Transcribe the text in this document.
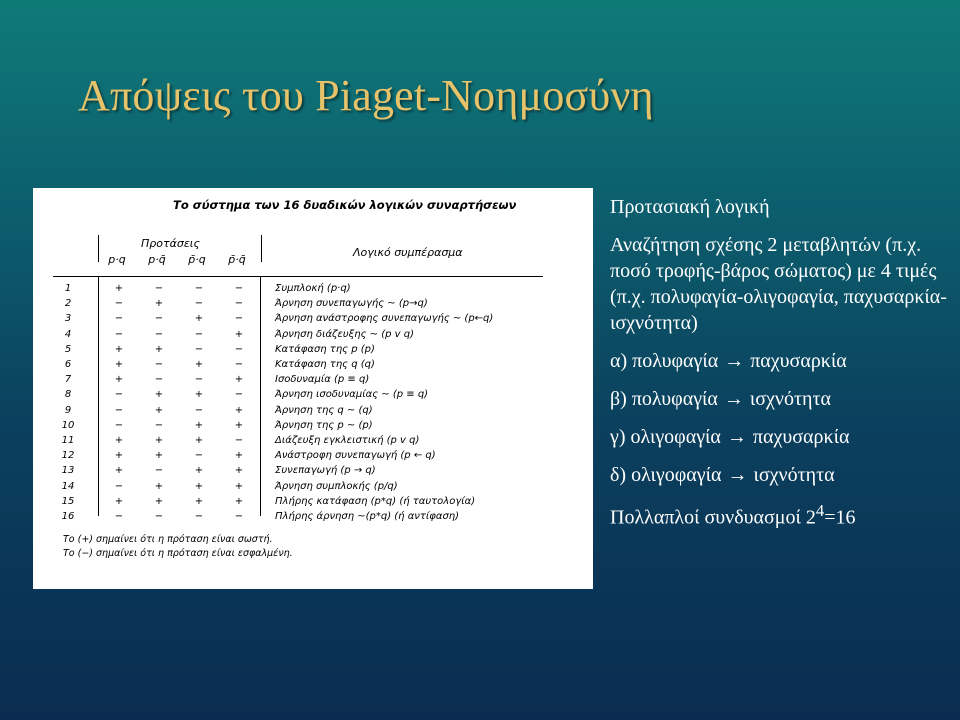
Απόψεις του Piaget-Νοημοσύνη
Το σύστημα των 16 δυαδικών λογικών συναρτήσεων
Προτάσεις
Λογικό συμπέρασμα
p·q	p·q̄	p̄·q	p̄·q̄
1	+	−	−	−	Συμπλοκή (p·q)
2	−	+	−	−	Άρνηση συνεπαγωγής ~ (p→q)
3	−	−	+	−	Άρνηση ανάστροφης συνεπαγωγής ~ (p←q)
4	−	−	−	+	Άρνηση διάζευξης ~ (p v q)
5	+	+	−	−	Κατάφαση της p (p)
6	+	−	+	−	Κατάφαση της q (q)
7	+	−	−	+	Ισοδυναμία (p ≡ q)
8	−	+	+	−	Άρνηση ισοδυναμίας ~ (p ≡ q)
9	−	+	−	+	Άρνηση της q ~ (q)
10	−	−	+	+	Άρνηση της p ~ (p)
11	+	+	+	−	Διάζευξη εγκλειστική (p v q)
12	+	+	−	+	Ανάστροφη συνεπαγωγή (p ← q)
13	+	−	+	+	Συνεπαγωγή (p → q)
14	−	+	+	+	Άρνηση συμπλοκής (p/q)
15	+	+	+	+	Πλήρης κατάφαση (p*q) (ή ταυτολογία)
16	−	−	−	−	Πλήρης άρνηση ~(p*q) (ή αντίφαση)
Το (+) σημαίνει ότι η πρόταση είναι σωστή.
Το (−) σημαίνει ότι η πρόταση είναι εσφαλμένη.

Προτασιακή λογική

Αναζήτηση σχέσης 2 μεταβλητών (π.χ. ποσό τροφής-βάρος σώματος) με 4 τιμές (π.χ. πολυφαγία-ολιγοφαγία, παχυσαρκία-ισχνότητα)

α) πολυφαγία → παχυσαρκία

β) πολυφαγία → ισχνότητα

γ) ολιγοφαγία → παχυσαρκία

δ) ολιγοφαγία → ισχνότητα

Πολλαπλοί συνδυασμοί $2^4=16$
